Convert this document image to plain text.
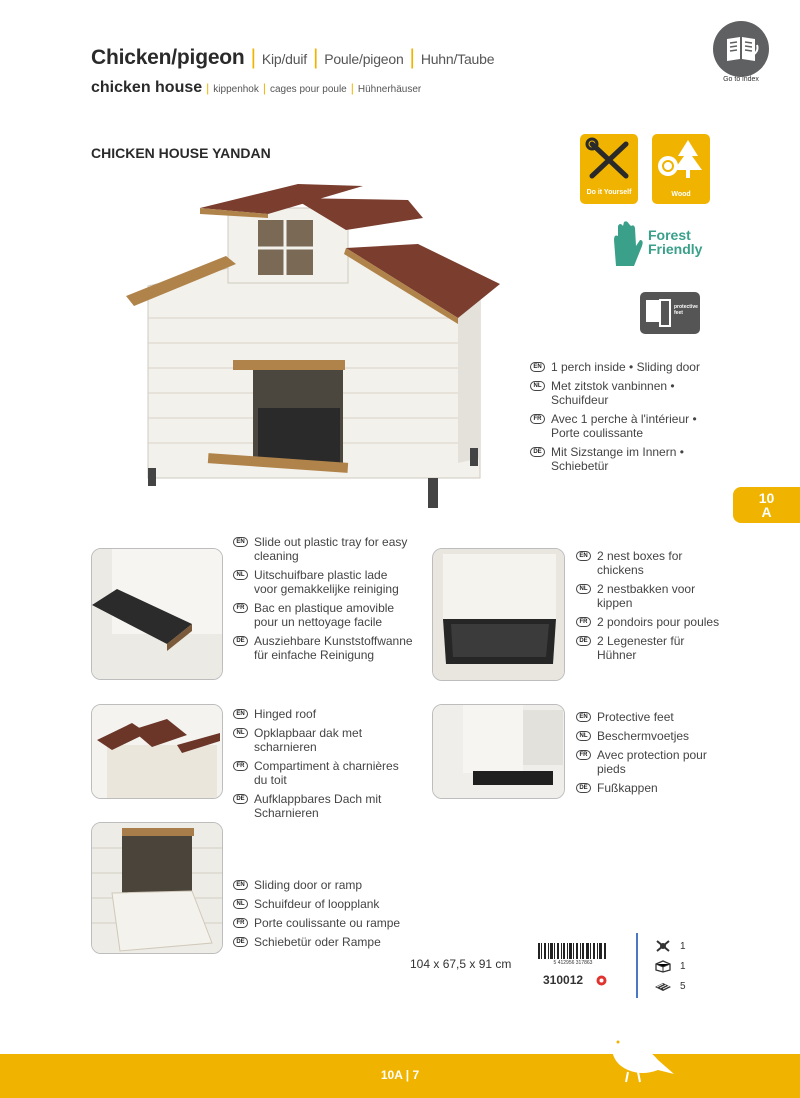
Chicken/pigeon | Kip/duif | Poule/pigeon | Huhn/Taube
chicken house | kippenhok | cages pour poule | Hühnerhäuser
Go to index
CHICKEN HOUSE YANDAN
Do it Yourself	Wood
Forest
Friendly
protective feet
EN 1 perch inside • Sliding door
NL Met zitstok vanbinnen • Schuifdeur
FR Avec 1 perche à l'intérieur • Porte coulissante
DE Mit Sizstange im Innern • Schiebetür
10
A
EN Slide out plastic tray for easy cleaning
NL Uitschuifbare plastic lade voor gemakkelijke reiniging
FR Bac en plastique amovible pour un nettoyage facile
DE Ausziehbare Kunststoffwanne für einfache Reinigung
EN 2 nest boxes for chickens
NL 2 nestbakken voor kippen
FR 2 pondoirs pour poules
DE 2 Legenester für Hühner
EN Hinged roof
NL Opklapbaar dak met scharnieren
FR Compartiment à charnières du toit
DE Aufklappbares Dach mit Scharnieren
EN Protective feet
NL Beschermvoetjes
FR Avec protection pour pieds
DE Fußkappen
EN Sliding door or ramp
NL Schuifdeur of loopplank
FR Porte coulissante ou rampe
DE Schiebetür oder Rampe
104 x 67,5 x 91 cm	5 412956 317863
310012
1
1
5
10A | 7
